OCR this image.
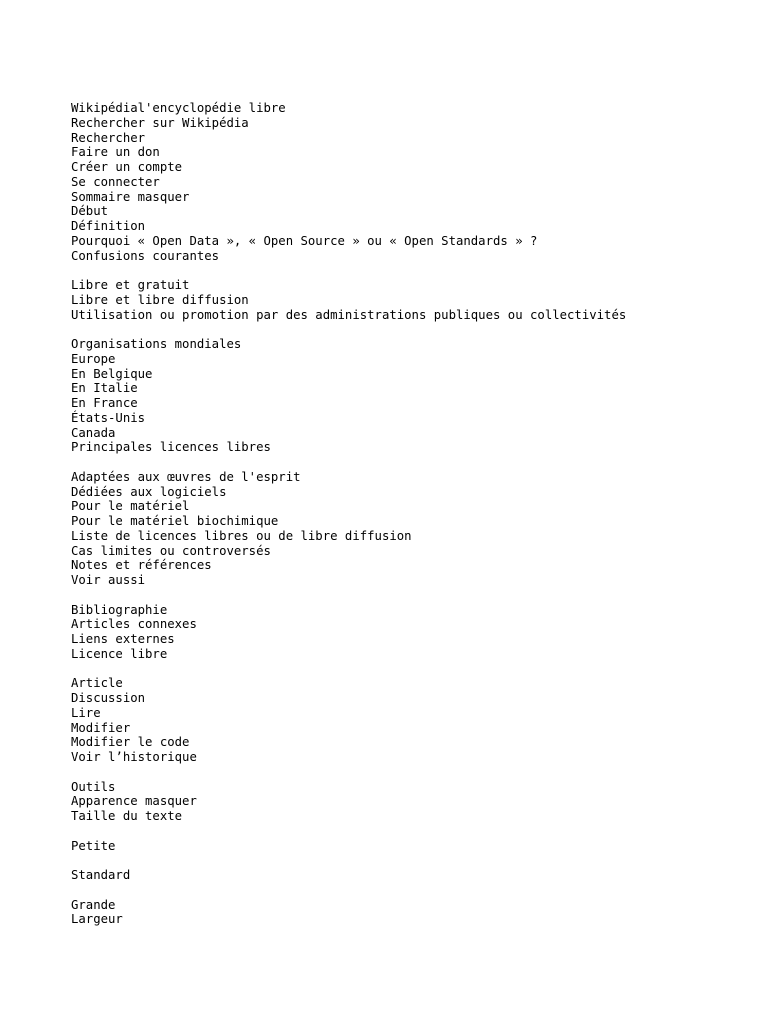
Wikipédial'encyclopédie libre
Rechercher sur Wikipédia
Rechercher
Faire un don
Créer un compte
Se connecter
Sommaire masquer
Début
Définition
Pourquoi « Open Data », « Open Source » ou « Open Standards » ?
Confusions courantes
Libre et gratuit
Libre et libre diffusion
Utilisation ou promotion par des administrations publiques ou collectivités
Organisations mondiales
Europe
En Belgique
En Italie
En France
États-Unis
Canada
Principales licences libres
Adaptées aux œuvres de l'esprit
Dédiées aux logiciels
Pour le matériel
Pour le matériel biochimique
Liste de licences libres ou de libre diffusion
Cas limites ou controversés
Notes et références
Voir aussi
Bibliographie
Articles connexes
Liens externes
Licence libre
Article
Discussion
Lire
Modifier
Modifier le code
Voir l’historique
Outils
Apparence masquer
Taille du texte
Petite
Standard
Grande
Largeur
